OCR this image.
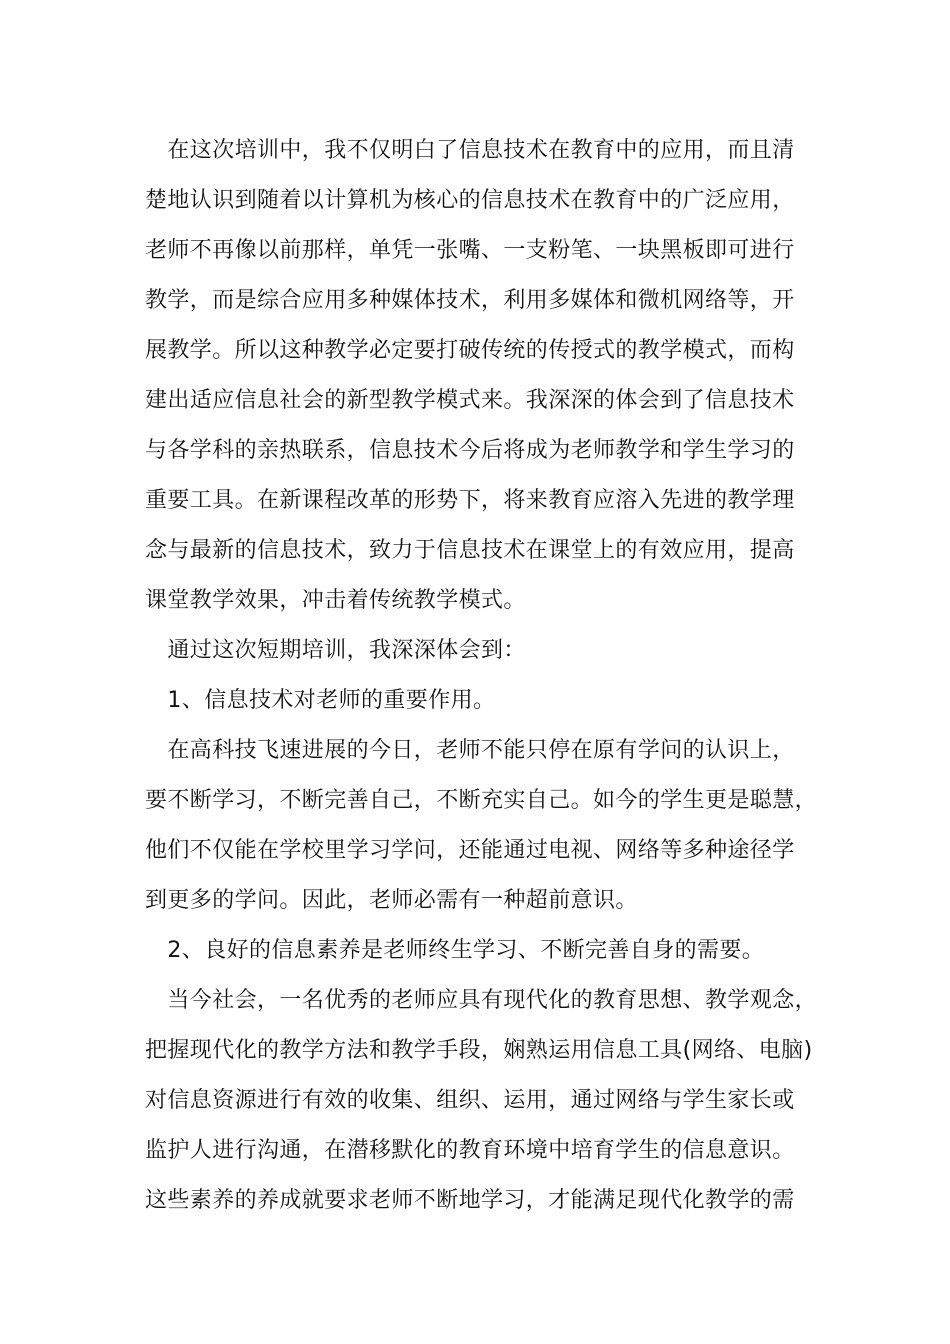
　在这次培训中，我不仅明白了信息技术在教育中的应用，而且清
楚地认识到随着以计算机为核心的信息技术在教育中的广泛应用，
老师不再像以前那样，单凭一张嘴、一支粉笔、一块黑板即可进行
教学，而是综合应用多种媒体技术，利用多媒体和微机网络等，开
展教学。所以这种教学必定要打破传统的传授式的教学模式，而构
建出适应信息社会的新型教学模式来。我深深的体会到了信息技术
与各学科的亲热联系，信息技术今后将成为老师教学和学生学习的
重要工具。在新课程改革的形势下，将来教育应溶入先进的教学理
念与最新的信息技术，致力于信息技术在课堂上的有效应用，提高
课堂教学效果，冲击着传统教学模式。
　通过这次短期培训，我深深体会到：
　1、信息技术对老师的重要作用。
　在高科技飞速进展的今日，老师不能只停在原有学问的认识上，
要不断学习，不断完善自己，不断充实自己。如今的学生更是聪慧，
他们不仅能在学校里学习学问，还能通过电视、网络等多种途径学
到更多的学问。因此，老师必需有一种超前意识。
　2、良好的信息素养是老师终生学习、不断完善自身的需要。
　当今社会，一名优秀的老师应具有现代化的教育思想、教学观念，
把握现代化的教学方法和教学手段，娴熟运用信息工具(网络、电脑)
对信息资源进行有效的收集、组织、运用，通过网络与学生家长或
监护人进行沟通，在潜移默化的教育环境中培育学生的信息意识。
这些素养的养成就要求老师不断地学习，才能满足现代化教学的需
